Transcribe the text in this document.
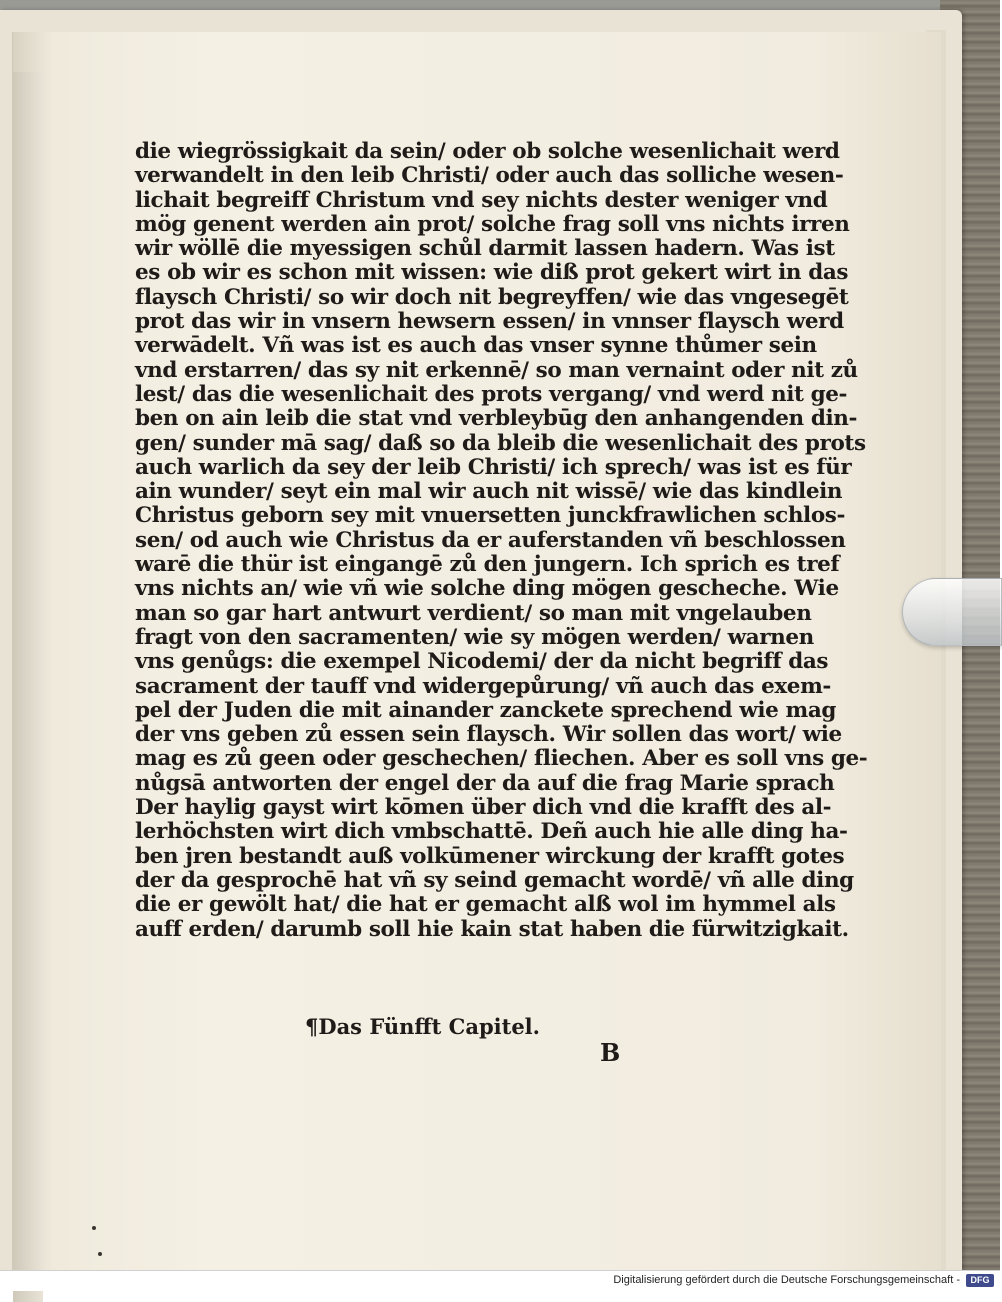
die wiegrössigkait da sein/ oder ob solche wesenlichait werd
verwandelt in den leib Christi/ oder auch das solliche wesen-
lichait begreiff Christum vnd sey nichts dester weniger vnd
mög genent werden ain prot/ solche frag soll vns nichts irren
wir wöllē die myessigen schůl darmit lassen hadern. Was ist
es ob wir es schon mit wissen: wie diß prot gekert wirt in das
flaysch Christi/ so wir doch nit begreyffen/ wie das vngesegēt
prot das wir in vnsern hewsern essen/ in vnnser flaysch werd
verwādelt. Vñ was ist es auch das vnser synne thůmer sein
vnd erstarren/ das sy nit erkennē/ so man vernaint oder nit zů
lest/ das die wesenlichait des prots vergang/ vnd werd nit ge-
ben on ain leib die stat vnd verbleybūg den anhangenden din-
gen/ sunder mā sag/ daß so da bleib die wesenlichait des prots
auch warlich da sey der leib Christi/ ich sprech/ was ist es für
ain wunder/ seyt ein mal wir auch nit wissē/ wie das kindlein
Christus geborn sey mit vnuersetten junckfrawlichen schlos-
sen/ od auch wie Christus da er auferstanden vñ beschlossen
warē die thür ist eingangē zů den jungern. Ich sprich es tref
vns nichts an/ wie vñ wie solche ding mögen gescheche. Wie
man so gar hart antwurt verdient/ so man mit vngelauben
fragt von den sacramenten/ wie sy mögen werden/ warnen
vns genůgs: die exempel Nicodemi/ der da nicht begriff das
sacrament der tauff vnd widergepůrung/ vñ auch das exem-
pel der Juden die mit ainander zanckete sprechend wie mag
der vns geben zů essen sein flaysch. Wir sollen das wort/ wie
mag es zů geen oder geschechen/ fliechen. Aber es soll vns ge-
nůgsā antworten der engel der da auf die frag Marie sprach
Der haylig gayst wirt kōmen über dich vnd die krafft des al-
lerhöchsten wirt dich vmbschattē. Deñ auch hie alle ding ha-
ben jren bestandt auß volkūmener wirckung der krafft gotes
der da gesprochē hat vñ sy seind gemacht wordē/ vñ alle ding
die er gewölt hat/ die hat er gemacht alß wol im hymmel als
auff erden/ darumb soll hie kain stat haben die fürwitzigkait.
¶Das Fünfft Capitel.
B
Digitalisierung gefördert durch die Deutsche Forschungsgemeinschaft -	DFG
